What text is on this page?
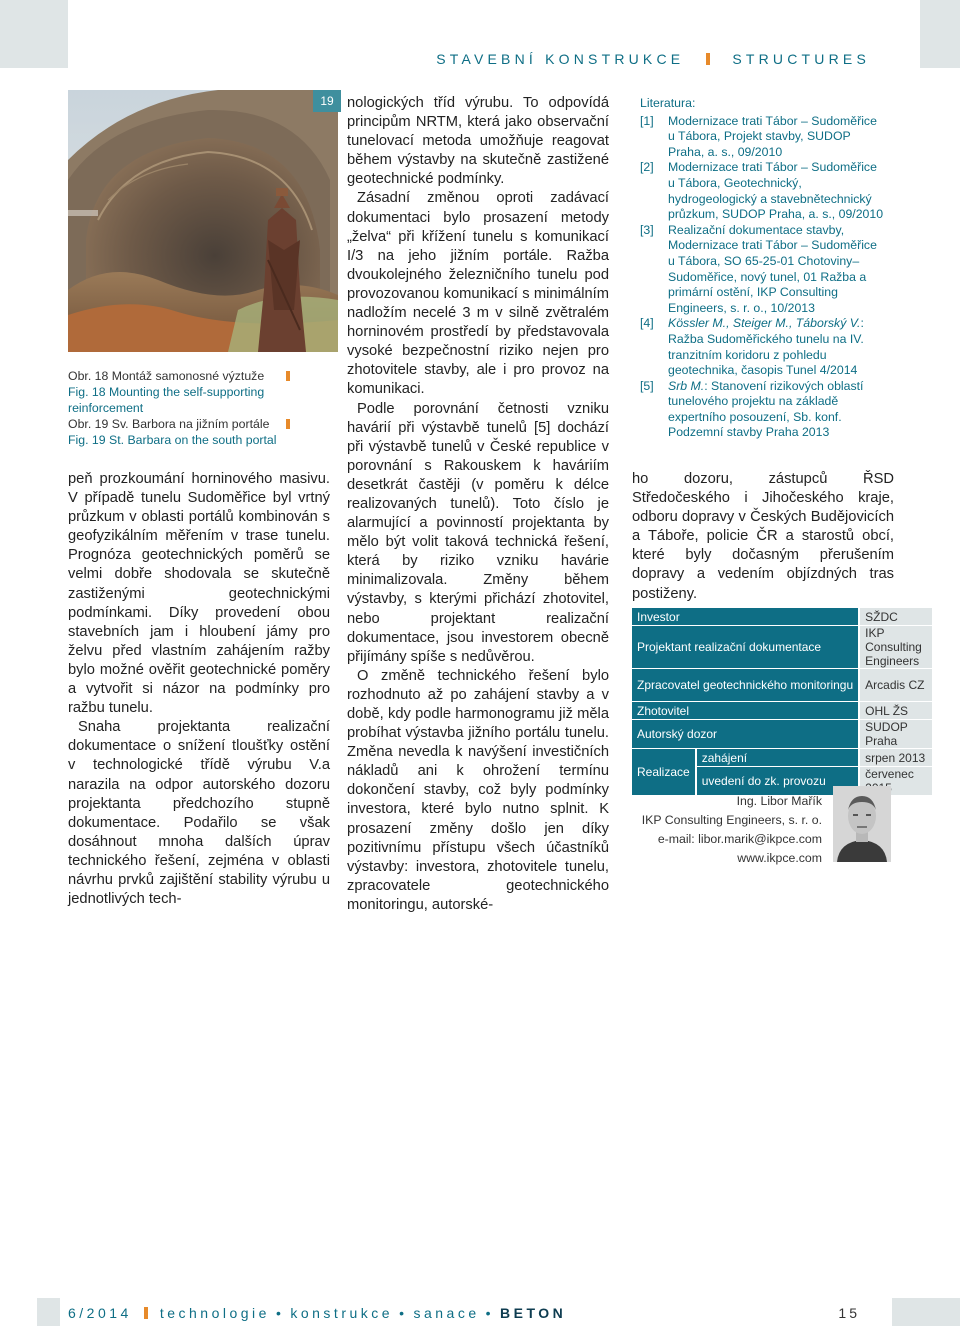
STAVEBNÍ KONSTRUKCE	STRUCTURES
19
Obr. 18 Montáž samonosné výztuže
Fig. 18 Mounting the self-supporting reinforcement
Obr. 19 Sv. Barbora na jižním portále
Fig. 19 St. Barbara on the south portal

peň prozkoumání horninového masivu. V případě tunelu Sudoměřice byl vrtný průzkum v oblasti portálů kombinován s geofyzikálním měřením v trase tunelu. Prognóza geotechnických poměrů se velmi dobře shodovala se skutečně zastiženými geotechnickými podmínkami. Díky provedení obou stavebních jam i hloubení jámy pro želvu před vlastním zahájením ražby bylo možné ověřit geotechnické poměry a vytvořit si názor na podmínky pro ražbu tunelu.

Snaha projektanta realizační dokumentace o snížení tloušťky ostění v technologické třídě výrubu V.a narazila na odpor autorského dozoru projektanta předchozího stupně dokumentace. Podařilo se však dosáhnout mnoha dalších úprav technického řešení, zejména v oblasti návrhu prvků zajištění stability výrubu u jednotlivých tech-

nologických tříd výrubu. To odpovídá principům NRTM, která jako observační tunelovací metoda umožňuje reagovat během výstavby na skutečně zastižené geotechnické podmínky.

Zásadní změnou oproti zadávací dokumentaci bylo prosazení metody „želva“ při křížení tunelu s komunikací I/3 na jeho jižním portále. Ražba dvoukolejného železničního tunelu pod provozovanou komunikací s minimálním nadložím necelé 3 m v silně zvětralém horninovém prostředí by představovala vysoké bezpečnostní riziko nejen pro zhotovitele stavby, ale i pro provoz na komunikaci.

Podle porovnání četnosti vzniku havárií při výstavbě tunelů [5] dochází při výstavbě tunelů v České republice v porovnání s Rakouskem k haváriím desetkrát častěji (v poměru k délce realizovaných tunelů). Toto číslo je alarmující a povinností projektanta by mělo být volit taková technická řešení, která by riziko vzniku havárie minimalizovala. Změny během výstavby, s kterými přichází zhotovitel, nebo projektant realizační dokumentace, jsou investorem obecně přijímány spíše s nedůvěrou.

O změně technického řešení bylo rozhodnuto až po zahájení stavby a v době, kdy podle harmonogramu již měla probíhat výstavba jižního portálu tunelu. Změna nevedla k navýšení investičních nákladů ani k ohrožení termínu dokončení stavby, což byly podmínky investora, které bylo nutno splnit. K prosazení změny došlo jen díky pozitivnímu přístupu všech účastníků výstavby: investora, zhotovitele tunelu, zpracovatele geotechnického monitoringu, autorské-

ho dozoru, zástupců ŘSD Středočeského i Jihočeského kraje, odboru dopravy v Českých Budějovicích a Táboře, policie ČR a starostů obcí, které byly dočasným přerušením dopravy a vedením objízdných tras postiženy.

Literatura:
[1]	Modernizace trati Tábor – Sudoměřice u Tábora, Projekt stavby, SUDOP Praha, a. s., 09/2010
[2]	Modernizace trati Tábor – Sudoměřice u Tábora, Geotechnický, hydrogeologický a stavebnětechnický průzkum, SUDOP Praha, a. s., 09/2010
[3]	Realizační dokumentace stavby, Modernizace trati Tábor – Sudoměřice u Tábora, SO 65-25-01 Chotoviny–Sudoměřice, nový tunel, 01 Ražba a primární ostění, IKP Consulting Engineers, s. r. o., 10/2013
[4]	Kössler M., Steiger M., Táborský V.: Ražba Sudoměřického tunelu na IV. tranzitním koridoru z pohledu geotechnika, časopis Tunel 4/2014
[5]	Srb M.: Stanovení rizikových oblastí tunelového projektu na základě expertního posouzení, Sb. konf. Podzemní stavby Praha 2013
Investor		SŽDC
Projektant realizační dokumentace		IKP Consulting Engineers
Zpracovatel geotechnického monitoringu		Arcadis CZ
Zhotovitel		OHL ŽS
Autorský dozor		SUDOP Praha
Realizace	zahájení	srpen 2013
	uvedení do zk. provozu	červenec
Ing. Libor Mařík
IKP Consulting Engineers, s. r. o.
e-mail: libor.marik@ikpce.com
www.ikpce.com
6/2014 technologie • konstrukce • sanace • BETON	15
